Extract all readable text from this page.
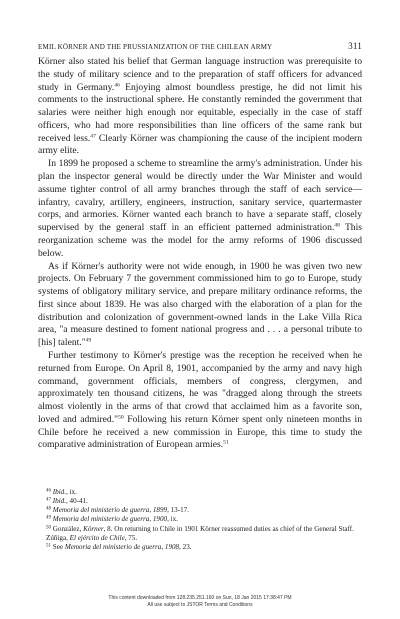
EMIL KÖRNER AND THE PRUSSIANIZATION OF THE CHILEAN ARMY	311

Körner also stated his belief that German language instruction was prerequisite to the study of military science and to the preparation of staff officers for advanced study in Germany.$^{46}$ Enjoying almost boundless prestige, he did not limit his comments to the instructional sphere. He constantly reminded the government that salaries were neither high enough nor equitable, especially in the case of staff officers, who had more responsibilities than line officers of the same rank but received less.$^{47}$ Clearly Körner was championing the cause of the incipient modern army elite.

In 1899 he proposed a scheme to streamline the army's administration. Under his plan the inspector general would be directly under the War Minister and would assume tighter control of all army branches through the staff of each service—infantry, cavalry, artillery, engineers, instruction, sanitary service, quartermaster corps, and armories. Körner wanted each branch to have a separate staff, closely supervised by the general staff in an efficient patterned administration.$^{48}$ This reorganization scheme was the model for the army reforms of 1906 discussed below.

As if Körner's authority were not wide enough, in 1900 he was given two new projects. On February 7 the government commissioned him to go to Europe, study systems of obligatory military service, and prepare military ordinance reforms, the first since about 1839. He was also charged with the elaboration of a plan for the distribution and colonization of government-owned lands in the Lake Villa Rica area, "a measure destined to foment national progress and . . . a personal tribute to [his] talent."$^{49}$

Further testimony to Körner's prestige was the reception he received when he returned from Europe. On April 8, 1901, accompanied by the army and navy high command, government officials, members of congress, clergymen, and approximately ten thousand citizens, he was "dragged along through the streets almost violently in the arms of that crowd that acclaimed him as a favorite son, loved and admired."$^{50}$ Following his return Körner spent only nineteen months in Chile before he received a new commission in Europe, this time to study the comparative administration of European armies.$^{51}$

$^{46}$ Ibid., ix.
$^{47}$ Ibid., 40-41.
$^{48}$ Memoria del ministerio de guerra, 1899, 13-17.
$^{49}$ Memoria del ministerio de guerra, 1900, ix.
$^{50}$ González, Körner, 8. On returning to Chile in 1901 Körner reassumed duties as chief of the General Staff. Zúñiga, El ejército de Chile, 75.
$^{51}$ See Memoria del ministerio de guerra, 1908, 23.
This content downloaded from 128.235.251.160 on Sun, 18 Jan 2015 17:38:47 PM
All use subject to JSTOR Terms and Conditions
